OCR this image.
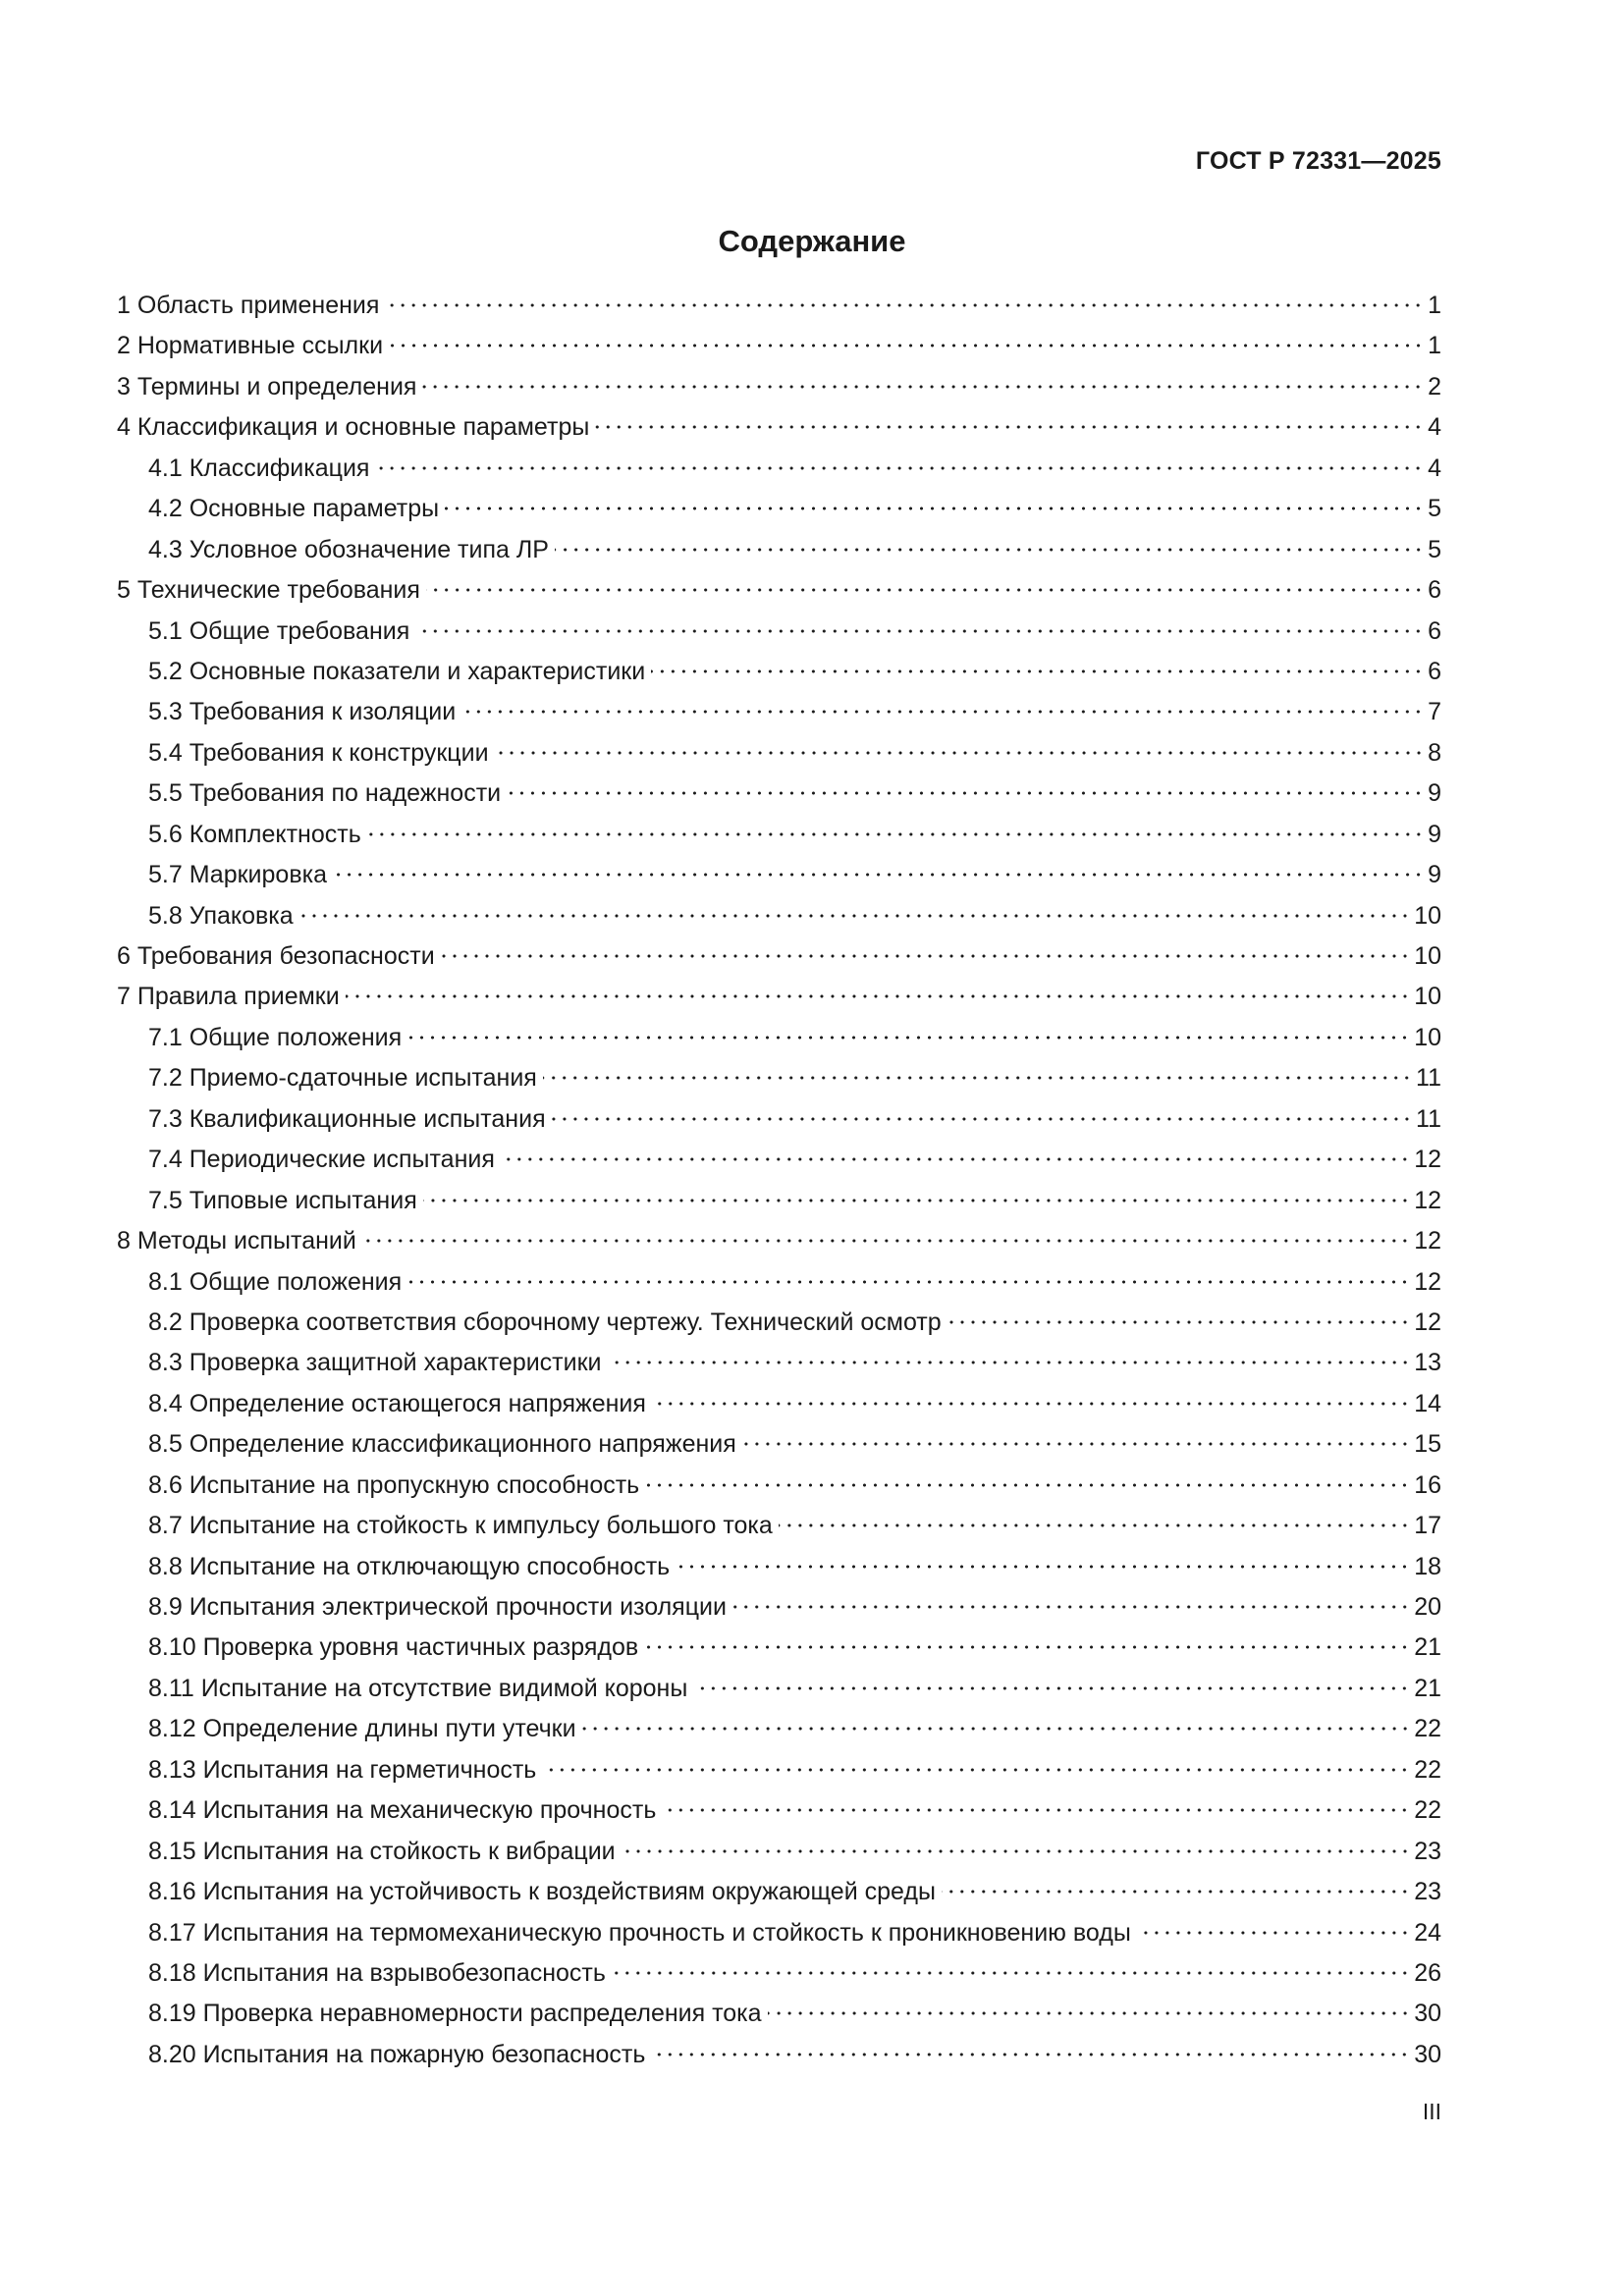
ГОСТ Р 72331—2025
Содержание
1 Область применения	1
2 Нормативные ссылки	1
3 Термины и определения	2
4 Классификация и основные параметры	4
4.1 Классификация	4
4.2 Основные параметры	5
4.3 Условное обозначение типа ЛР	5
5 Технические требования	6
5.1 Общие требования	6
5.2 Основные показатели и характеристики	6
5.3 Требования к изоляции	7
5.4 Требования к конструкции	8
5.5 Требования по надежности	9
5.6 Комплектность	9
5.7 Маркировка	9
5.8 Упаковка	10
6 Требования безопасности	10
7 Правила приемки	10
7.1 Общие положения	10
7.2 Приемо-сдаточные испытания	11
7.3 Квалификационные испытания	11
7.4 Периодические испытания	12
7.5 Типовые испытания	12
8 Методы испытаний	12
8.1 Общие положения	12
8.2 Проверка соответствия сборочному чертежу. Технический осмотр	12
8.3 Проверка защитной характеристики	13
8.4 Определение остающегося напряжения	14
8.5 Определение классификационного напряжения	15
8.6 Испытание на пропускную способность	16
8.7 Испытание на стойкость к импульсу большого тока	17
8.8 Испытание на отключающую способность	18
8.9 Испытания электрической прочности изоляции	20
8.10 Проверка уровня частичных разрядов	21
8.11 Испытание на отсутствие видимой короны	21
8.12 Определение длины пути утечки	22
8.13 Испытания на герметичность	22
8.14 Испытания на механическую прочность	22
8.15 Испытания на стойкость к вибрации	23
8.16 Испытания на устойчивость к воздействиям окружающей среды	23
8.17 Испытания на термомеханическую прочность и стойкость к проникновению воды	24
8.18 Испытания на взрывобезопасность	26
8.19 Проверка неравномерности распределения тока	30
8.20 Испытания на пожарную безопасность	30
III
